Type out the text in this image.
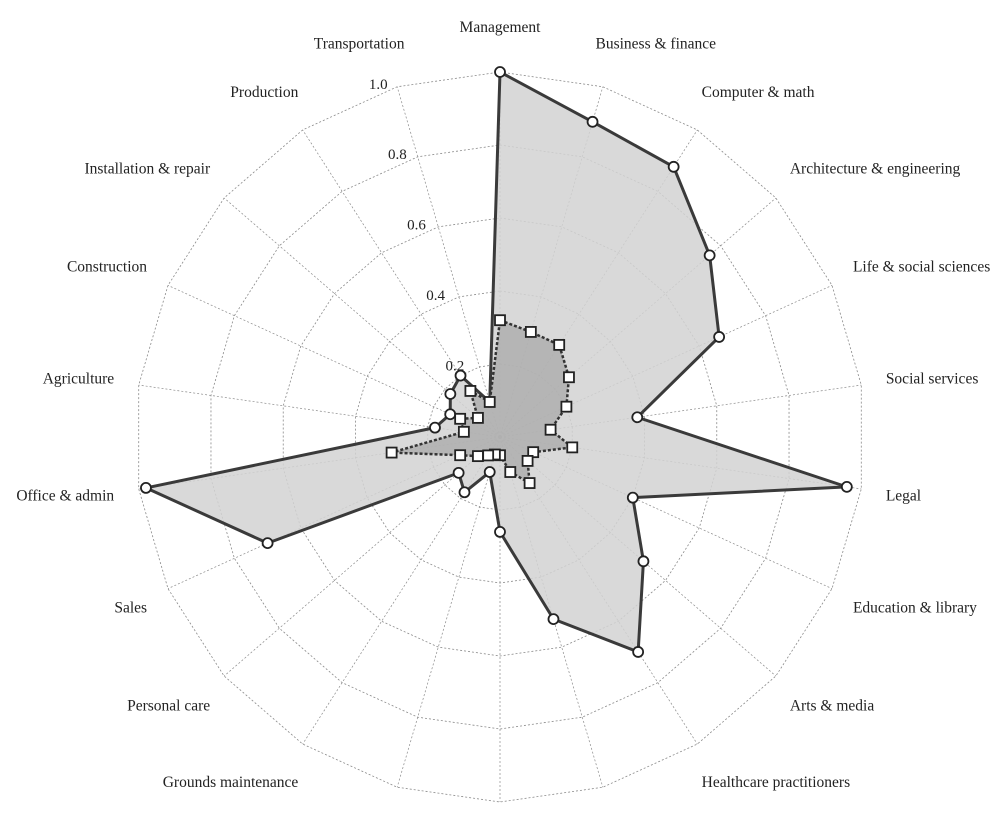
0.2
0.4
0.6
0.8
1.0
Management
Business & finance
Computer & math
Architecture & engineering
Life & social sciences
Social services
Legal
Education & library
Arts & media
Healthcare practitioners
Grounds maintenance
Personal care
Sales
Office & admin
Agriculture
Construction
Installation & repair
Production
Transportation
